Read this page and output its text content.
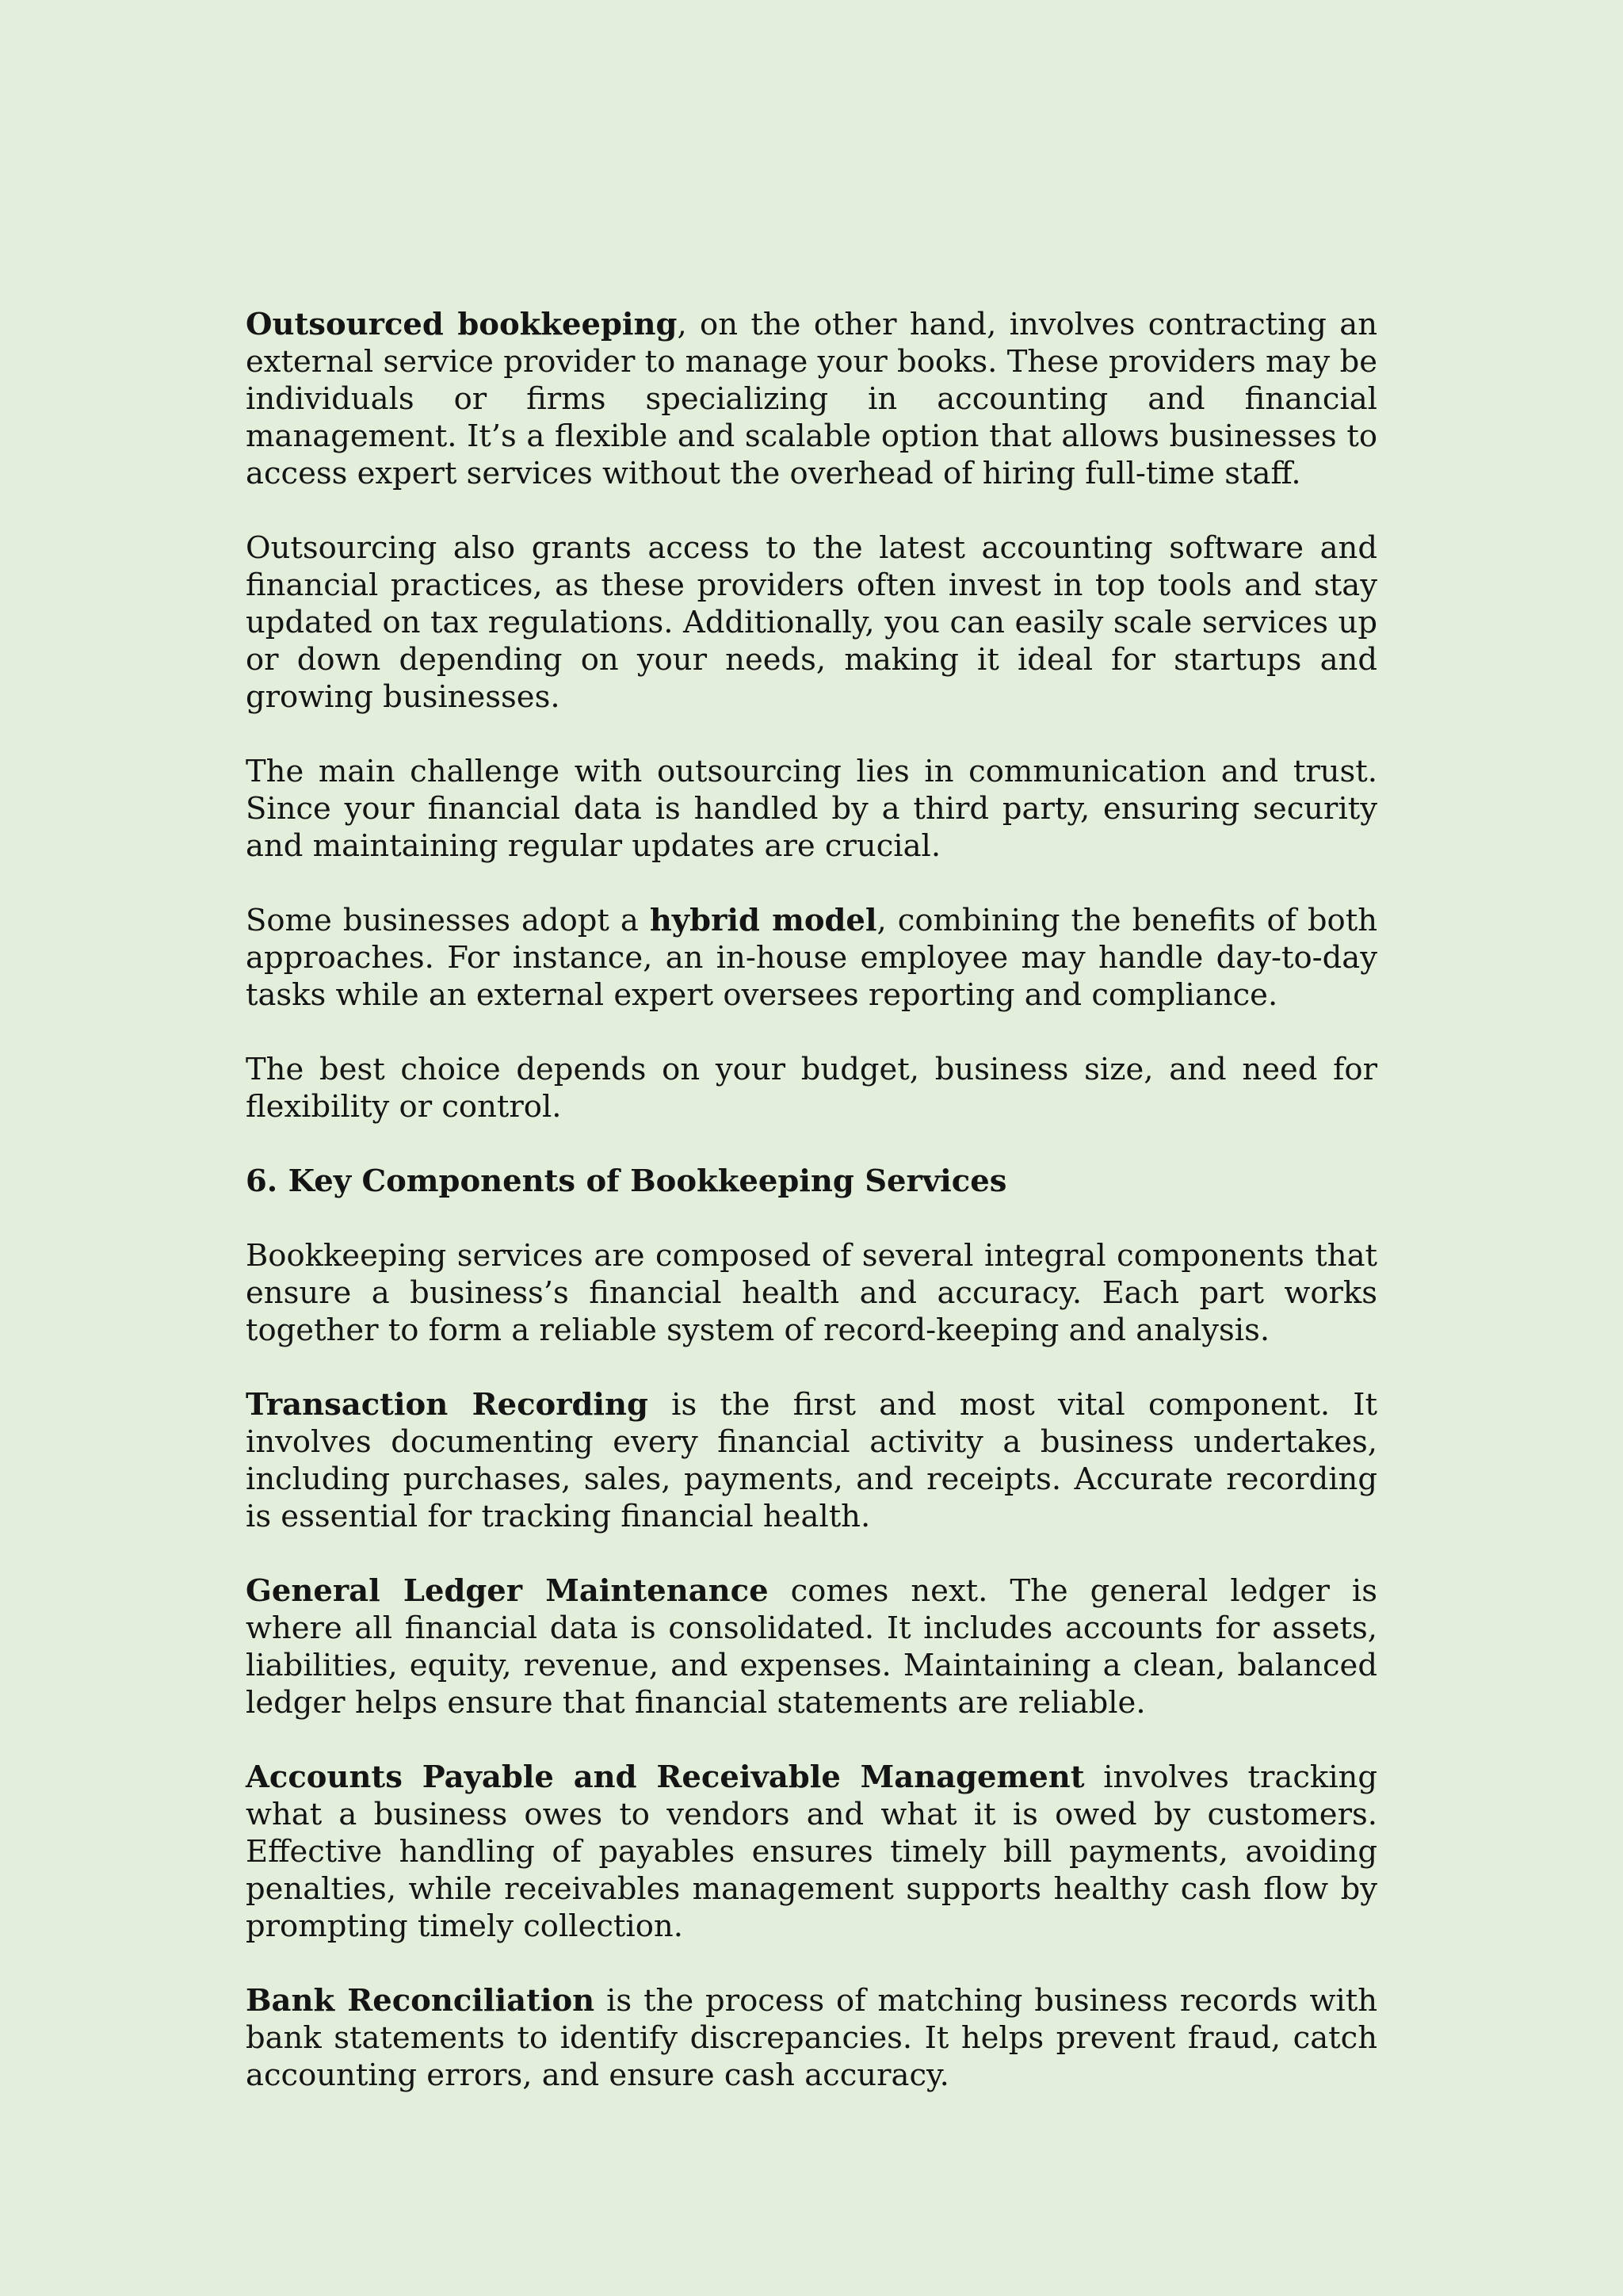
Outsourced bookkeeping, on the other hand, involves contracting an external service provider to manage your books. These providers may be individuals or firms specializing in accounting and financial management. It’s a flexible and scalable option that allows businesses to access expert services without the overhead of hiring full-time staff.

Outsourcing also grants access to the latest accounting software and financial practices, as these providers often invest in top tools and stay updated on tax regulations. Additionally, you can easily scale services up or down depending on your needs, making it ideal for startups and growing businesses.

The main challenge with outsourcing lies in communication and trust. Since your financial data is handled by a third party, ensuring security and maintaining regular updates are crucial.

Some businesses adopt a hybrid model, combining the benefits of both approaches. For instance, an in-house employee may handle day-to-day tasks while an external expert oversees reporting and compliance.

The best choice depends on your budget, business size, and need for flexibility or control.

6. Key Components of Bookkeeping Services

Bookkeeping services are composed of several integral components that ensure a business’s financial health and accuracy. Each part works together to form a reliable system of record-keeping and analysis.

Transaction Recording is the first and most vital component. It involves documenting every financial activity a business undertakes, including purchases, sales, payments, and receipts. Accurate recording is essential for tracking financial health.

General Ledger Maintenance comes next. The general ledger is where all financial data is consolidated. It includes accounts for assets, liabilities, equity, revenue, and expenses. Maintaining a clean, balanced ledger helps ensure that financial statements are reliable.

Accounts Payable and Receivable Management involves tracking what a business owes to vendors and what it is owed by customers. Effective handling of payables ensures timely bill payments, avoiding penalties, while receivables management supports healthy cash flow by prompting timely collection.

Bank Reconciliation is the process of matching business records with bank statements to identify discrepancies. It helps prevent fraud, catch accounting errors, and ensure cash accuracy.
